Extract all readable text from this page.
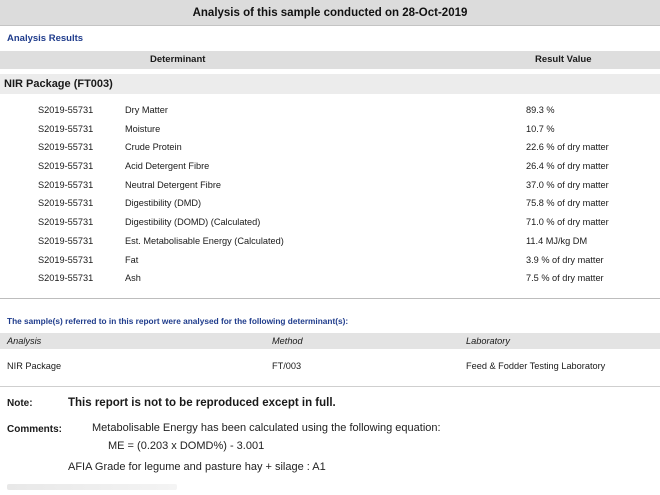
Analysis of this sample conducted on 28-Oct-2019
Analysis Results
Determinant	Result Value
NIR Package (FT003)
S2019-55731	Dry Matter	89.3 %
S2019-55731	Moisture	10.7 %
S2019-55731	Crude Protein	22.6 % of dry matter
S2019-55731	Acid Detergent Fibre	26.4 % of dry matter
S2019-55731	Neutral Detergent Fibre	37.0 % of dry matter
S2019-55731	Digestibility (DMD)	75.8 % of dry matter
S2019-55731	Digestibility (DOMD) (Calculated)	71.0 % of dry matter
S2019-55731	Est. Metabolisable Energy (Calculated)	11.4 MJ/kg DM
S2019-55731	Fat	3.9 % of dry matter
S2019-55731	Ash	7.5 % of dry matter
The sample(s) referred to in this report were analysed for the following determinant(s):
Analysis	Method	Laboratory
NIR Package	FT/003	Feed & Fodder Testing Laboratory
Note:	This report is not to be reproduced except in full.
Comments:	Metabolisable Energy has been calculated using the following equation:
ME = (0.203 x DOMD%) - 3.001
AFIA Grade for legume and pasture hay + silage : A1
